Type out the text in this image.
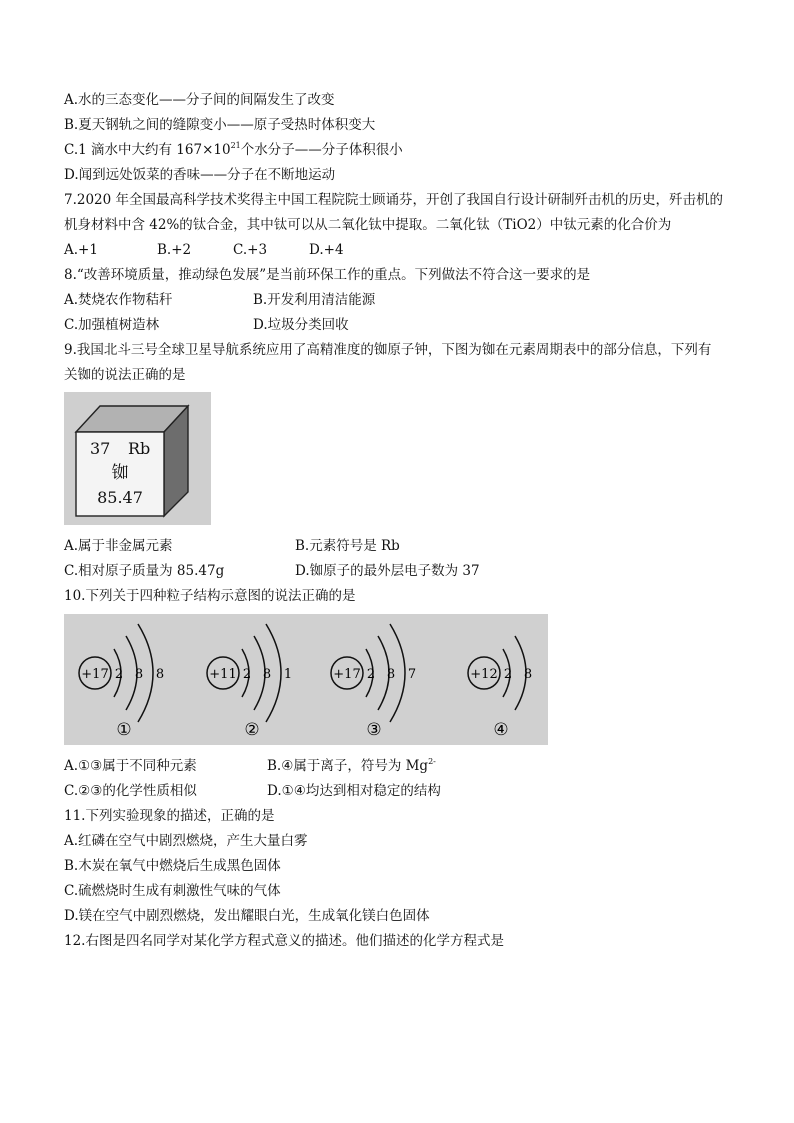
A.水的三态变化——分子间的间隔发生了改变
B.夏天钢轨之间的缝隙变小——原子受热时体积变大
C.1 滴水中大约有 $167\times 10^{21}$个水分子——分子体积很小
D.闻到远处饭菜的香味——分子在不断地运动
7.2020 年全国最高科学技术奖得主中国工程院院士顾诵芬，开创了我国自行设计研制歼击机的历史，歼击机的
机身材料中含 42%的钛合金，其中钛可以从二氧化钛中提取。二氧化钛（TiO2）中钛元素的化合价为
A.+1	B.+2	C.+3	D.+4
8.“改善环境质量，推动绿色发展”是当前环保工作的重点。下列做法不符合这一要求的是
A.焚烧农作物秸秆	B.开发利用清洁能源
C.加强植树造林	D.垃圾分类回收
9.我国北斗三号全球卫星导航系统应用了高精准度的铷原子钟，下图为铷在元素周期表中的部分信息，下列有
关铷的说法正确的是
37 Rb
铷
85.47
A.属于非金属元素	B.元素符号是 Rb
C.相对原子质量为 85.47g	D.铷原子的最外层电子数为 37
10.下列关于四种粒子结构示意图的说法正确的是
+17 2 8 8
①
+11 2 8 1
②
+17 2 8 7
③
+12 2 8
④
A.①③属于不同种元素	B.④属于离子，符号为 $Mg^{2-}$
C.②③的化学性质相似	D.①④均达到相对稳定的结构
11.下列实验现象的描述，正确的是
A.红磷在空气中剧烈燃烧，产生大量白雾
B.木炭在氧气中燃烧后生成黑色固体
C.硫燃烧时生成有刺激性气味的气体
D.镁在空气中剧烈燃烧，发出耀眼白光，生成氧化镁白色固体
12.右图是四名同学对某化学方程式意义的描述。他们描述的化学方程式是
